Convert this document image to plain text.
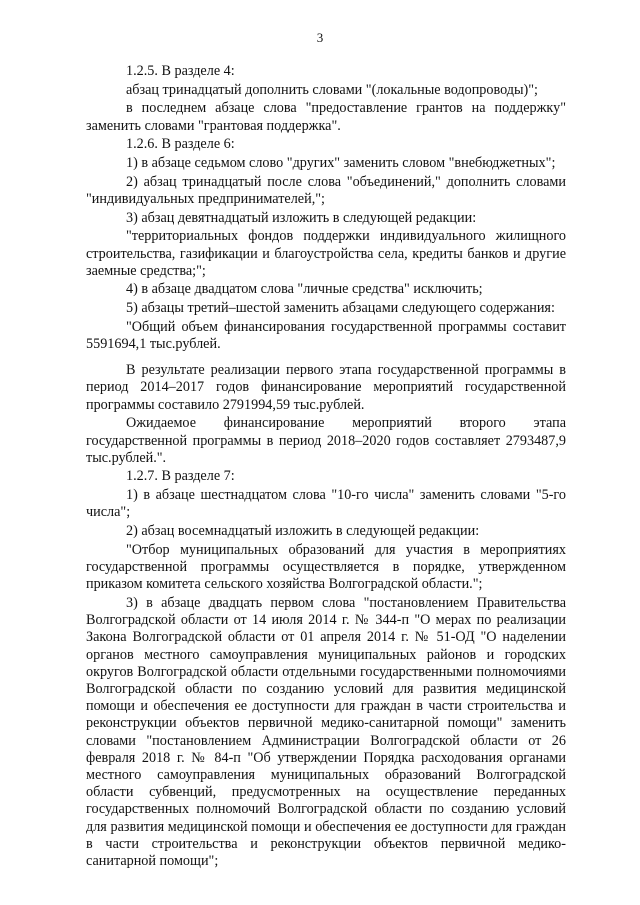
3

1.2.5. В разделе 4:

абзац тринадцатый дополнить словами "(локальные водопроводы)";

в последнем абзаце слова "предоставление грантов на поддержку" заменить словами "грантовая поддержка".

1.2.6. В разделе 6:

1) в абзаце седьмом слово "других" заменить словом "внебюджетных";

2) абзац тринадцатый после слова "объединений," дополнить словами "индивидуальных предпринимателей,";

3) абзац девятнадцатый изложить в следующей редакции:

"территориальных фондов поддержки индивидуального жилищного строительства, газификации и благоустройства села, кредиты банков и другие заемные средства;";

4) в абзаце двадцатом слова "личные средства" исключить;

5) абзацы третий–шестой заменить абзацами следующего содержания:

"Общий объем финансирования государственной программы составит 5591694,1 тыс.рублей.

В результате реализации первого этапа государственной программы в период 2014–2017 годов финансирование мероприятий государственной программы составило 2791994,59 тыс.рублей.

Ожидаемое финансирование мероприятий второго этапа государственной программы в период 2018–2020 годов составляет 2793487,9 тыс.рублей.".

1.2.7. В разделе 7:

1) в абзаце шестнадцатом слова "10-го числа" заменить словами "5-го числа";

2) абзац восемнадцатый изложить в следующей редакции:

"Отбор муниципальных образований для участия в мероприятиях государственной программы осуществляется в порядке, утвержденном приказом комитета сельского хозяйства Волгоградской области.";

3) в абзаце двадцать первом слова "постановлением Правительства Волгоградской области от 14 июля 2014 г. № 344-п "О мерах по реализации Закона Волгоградской области от 01 апреля 2014 г. № 51-ОД "О наделении органов местного самоуправления муниципальных районов и городских округов Волгоградской области отдельными государственными полномочиями Волгоградской области по созданию условий для развития медицинской помощи и обеспечения ее доступности для граждан в части строительства и реконструкции объектов первичной медико-санитарной помощи" заменить словами "постановлением Администрации Волгоградской области от 26 февраля 2018 г. № 84-п "Об утверждении Порядка расходования органами местного самоуправления муниципальных образований Волгоградской области субвенций, предусмотренных на осуществление переданных государственных полномочий Волгоградской области по созданию условий для развития медицинской помощи и обеспечения ее доступности для граждан в части строительства и реконструкции объектов первичной медико-санитарной помощи";
